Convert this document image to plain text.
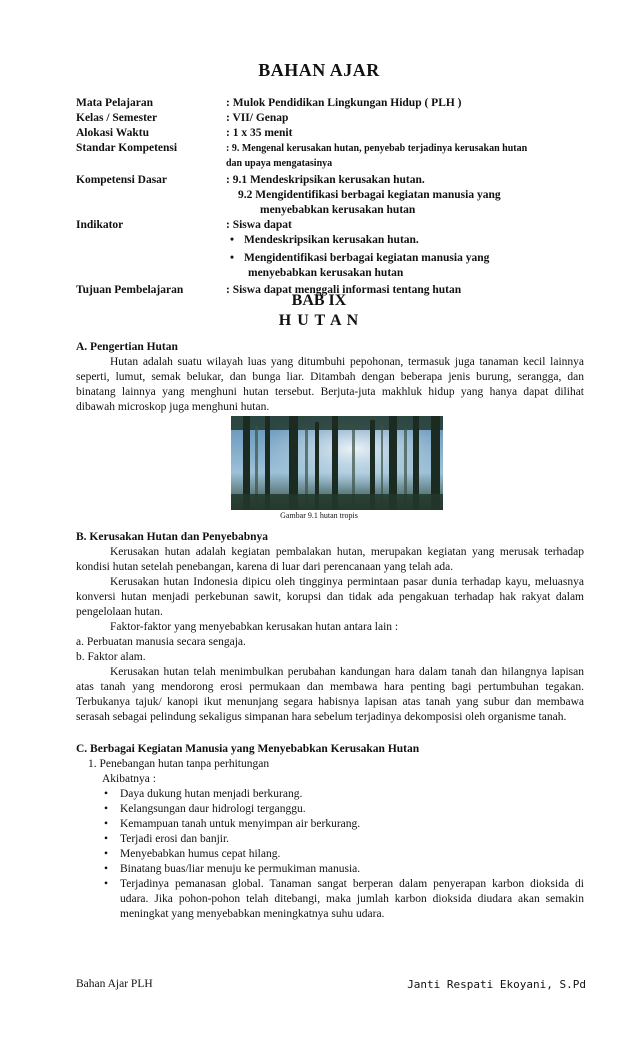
BAHAN AJAR
Mata Pelajaran	: Mulok Pendidikan Lingkungan Hidup ( PLH )
Kelas / Semester	: VII/ Genap
Alokasi Waktu	: 1 x 35 menit
Standar Kompetensi	: 9. Mengenal kerusakan hutan, penyebab terjadinya kerusakan hutan
dan upaya mengatasinya
Kompetensi Dasar	: 9.1 Mendeskripsikan kerusakan hutan.
9.2 Mengidentifikasi berbagai kegiatan manusia yang
menyebabkan kerusakan hutan
Indikator	: Siswa dapat
• Mendeskripsikan kerusakan hutan.
• Mengidentifikasi berbagai kegiatan manusia yang
menyebabkan kerusakan hutan
Tujuan Pembelajaran	: Siswa dapat menggali informasi tentang hutan
BAB IX
H U T A N
A. Pengertian Hutan

Hutan adalah suatu wilayah luas yang ditumbuhi pepohonan, termasuk juga tanaman kecil lainnya seperti, lumut, semak belukar, dan bunga liar. Ditambah dengan beberapa jenis burung, serangga, dan binatang lainnya yang menghuni hutan tersebut. Berjuta-juta makhluk hidup yang hanya dapat dilihat dibawah microskop juga menghuni hutan.

Gambar 9.1 hutan tropis
B. Kerusakan Hutan dan Penyebabnya

Kerusakan hutan adalah kegiatan pembalakan hutan, merupakan kegiatan yang merusak terhadap kondisi hutan setelah penebangan, karena di luar dari perencanaan yang telah ada.

Kerusakan hutan Indonesia dipicu oleh tingginya permintaan pasar dunia terhadap kayu, meluasnya konversi hutan menjadi perkebunan sawit, korupsi dan tidak ada pengakuan terhadap hak rakyat dalam pengelolaan hutan.

Faktor-faktor yang menyebabkan kerusakan hutan antara lain :

a. Perbuatan manusia secara sengaja.

b. Faktor alam.

Kerusakan hutan telah menimbulkan perubahan kandungan hara dalam tanah dan hilangnya lapisan atas tanah yang mendorong erosi permukaan dan membawa hara penting bagi pertumbuhan tegakan. Terbukanya tajuk/ kanopi ikut menunjang segara habisnya lapisan atas tanah yang subur dan membawa serasah sebagai pelindung sekaligus simpanan hara sebelum terjadinya dekomposisi oleh organisme tanah.

C. Berbagai Kegiatan Manusia yang Menyebabkan Kerusakan Hutan

1. Penebangan hutan tanpa perhitungan

Akibatnya :

•	Daya dukung hutan menjadi berkurang.

•	Kelangsungan daur hidrologi terganggu.

•	Kemampuan tanah untuk menyimpan air berkurang.

•	Terjadi erosi dan banjir.

•	Menyebabkan humus cepat hilang.

•	Binatang buas/liar menuju ke permukiman manusia.

•	Terjadinya pemanasan global. Tanaman sangat berperan dalam penyerapan karbon dioksida di udara. Jika pohon-pohon telah ditebangi, maka jumlah karbon dioksida diudara akan semakin meningkat yang menyebabkan meningkatnya suhu udara.

Bahan Ajar PLH	Janti Respati Ekoyani, S.Pd
